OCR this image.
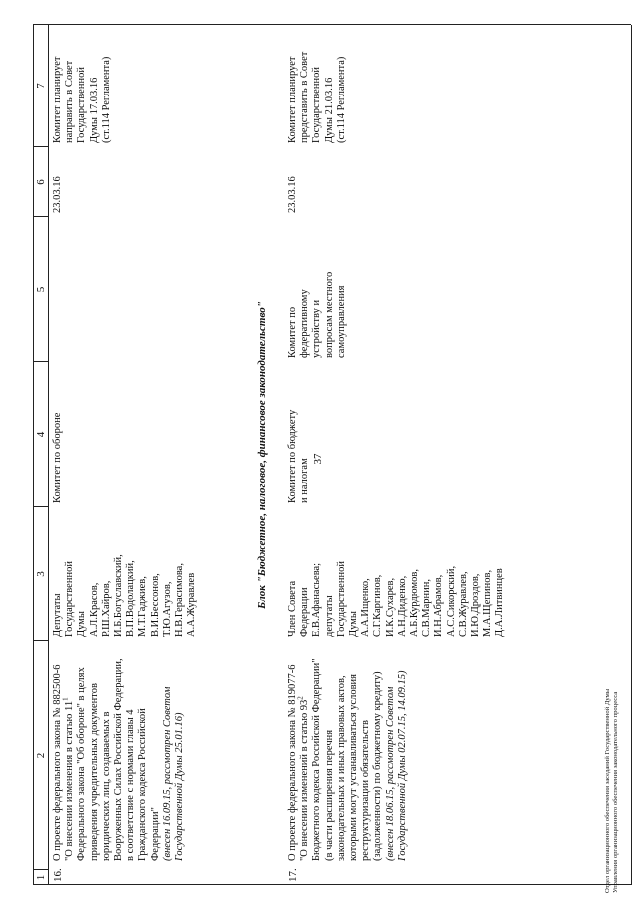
37
1
2
3
4
5
6
7
16.
О проекте федерального закона № 882500-6 "О внесении изменения в статью $11^1$ Федерального закона "Об обороне" в целях приведения учредительных документов юридических лиц, создаваемых в Вооруженных Силах Российской Федерации, в соответствие с нормами главы 4 Гражданского кодекса Российской Федерации" (внесен 16.09.15, рассмотрен Советом Государственной Думы 25.01.16)
Депутаты Государственной Думы А.Л.Красов, Р.Ш.Хайров, И.Б.Богуславский, В.П.Водолацкий, М.Т.Гаджиев, В.И.Бессонов, Т.Ю.Агузов, Н.В.Герасимова, А.А.Журавлев
Комитет по обороне
23.03.16
Комитет планирует направить в Совет Государственной Думы 17.03.16 (ст.114 Регламента)
Блок "Бюджетное, налоговое, финансовое законодательство"
17.
О проекте федерального закона № 819077-6 "О внесении изменений в статью $93^2$ Бюджетного кодекса Российской Федерации" (в части расширения перечня законодательных и иных правовых актов, которыми могут устанавливаться условия реструктуризации обязательств (задолженности) по бюджетному кредиту) (внесен 18.06.15, рассмотрен Советом Государственной Думы 02.07.15, 14.09.15)
Член Совета Федерации Е.В.Афанасьева; депутаты Государственной Думы А.А.Ищенко, С.Г.Каргинов, И.К.Сухарев, А.Н.Диденко, А.Б.Курдюмов, С.В.Марнин, И.Н.Абрамов, А.С.Сикорский, С.В.Журавлев, И.Ю.Дроздов, М.А.Щепинов, Д.А.Литвинцев
Комитет по бюджету и налогам
Комитет по федеративному устройству и вопросам местного самоуправления
23.03.16
Комитет планирует представить в Совет Государственной Думы 21.03.16 (ст.114 Регламента)
Отдел организационного обеспечения заседаний Государственной Думы Управления организационного обеспечения законодательного процесса
